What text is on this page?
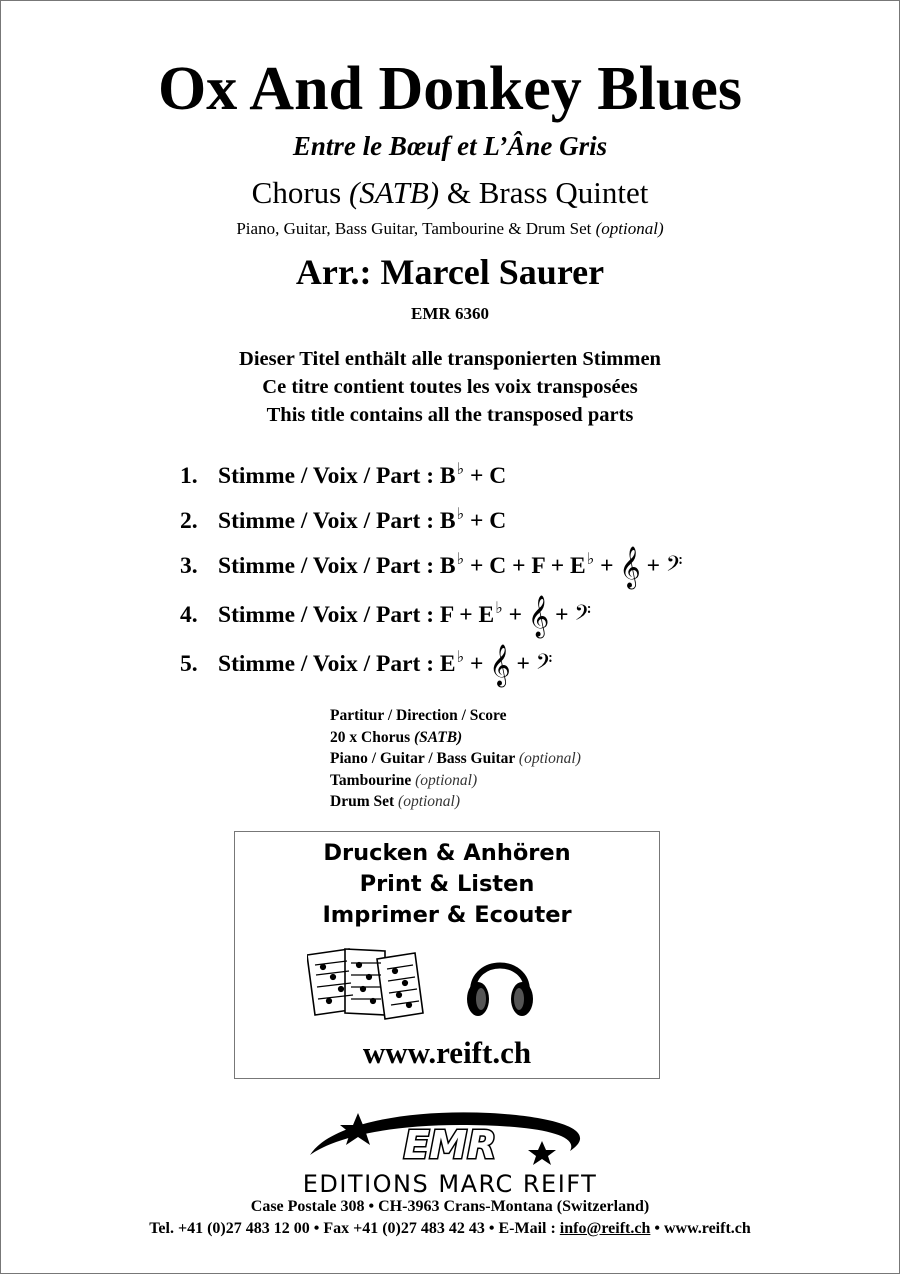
Ox And Donkey Blues
Entre le Bœuf et L’Âne Gris
Chorus (SATB) & Brass Quintet
Piano, Guitar, Bass Guitar, Tambourine & Drum Set (optional)
Arr.: Marcel Saurer
EMR 6360
Dieser Titel enthält alle transponierten Stimmen
Ce titre contient toutes les voix transposées
This title contains all the transposed parts
1. Stimme / Voix / Part : B♭ + C
2. Stimme / Voix / Part : B♭ + C
3. Stimme / Voix / Part : B♭ + C + F + E♭ + 𝄞 + 𝄢
4. Stimme / Voix / Part : F + E♭ + 𝄞 + 𝄢
5. Stimme / Voix / Part : E♭ + 𝄞 + 𝄢
Partitur / Direction / Score
20 x Chorus (SATB)
Piano / Guitar / Bass Guitar (optional)
Tambourine (optional)
Drum Set (optional)
Drucken & Anhören
Print & Listen
Imprimer & Ecouter
www.reift.ch
EMR
EDITIONS MARC REIFT
Case Postale 308 • CH-3963 Crans-Montana (Switzerland)
Tel. +41 (0)27 483 12 00 • Fax +41 (0)27 483 42 43 • E-Mail : info@reift.ch • www.reift.ch
